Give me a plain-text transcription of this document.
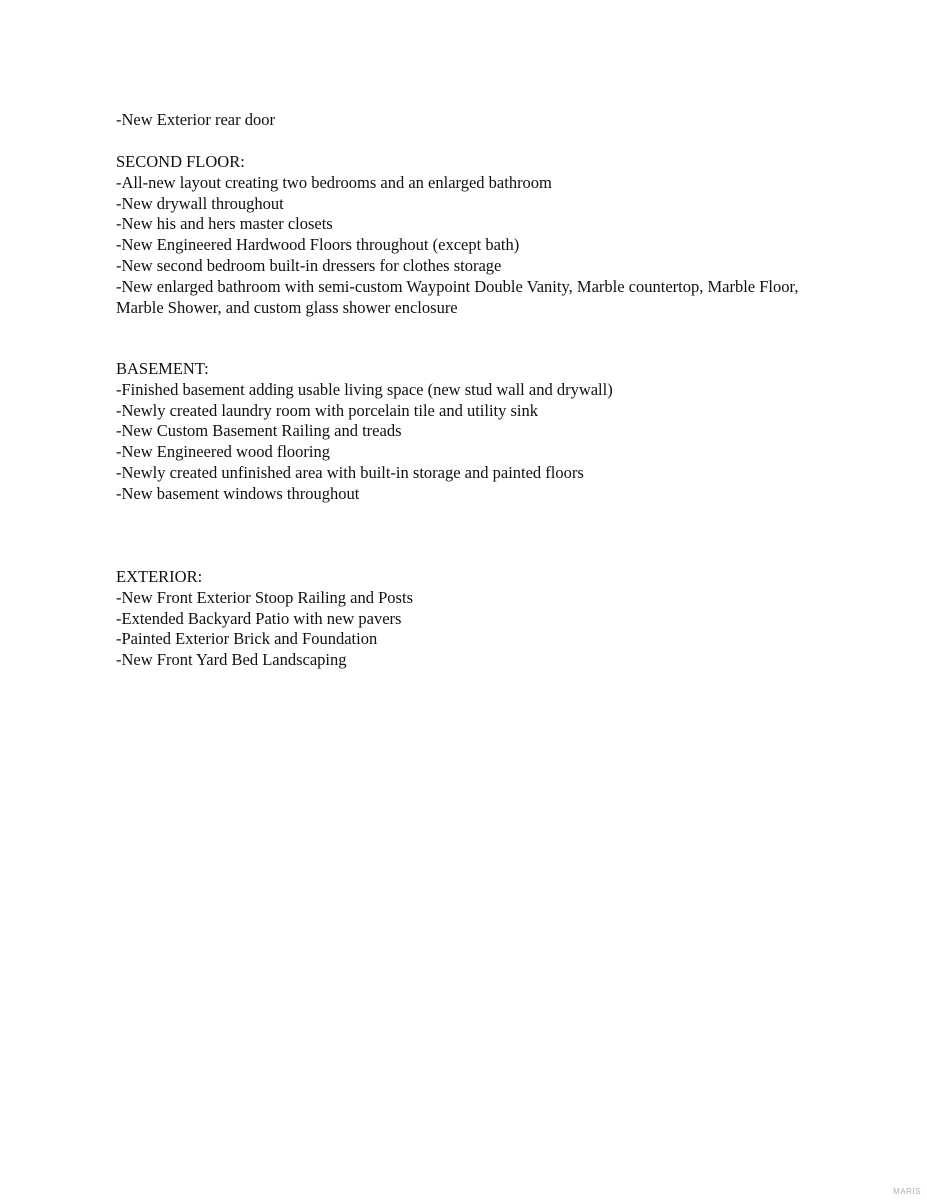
-New Exterior rear door
SECOND FLOOR:
-All-new layout creating two bedrooms and an enlarged bathroom
-New drywall throughout
-New his and hers master closets
-New Engineered Hardwood Floors throughout (except bath)
-New second bedroom built-in dressers for clothes storage
-New enlarged bathroom with semi-custom Waypoint Double Vanity, Marble countertop, Marble Floor, Marble Shower, and custom glass shower enclosure
BASEMENT:
-Finished basement adding usable living space (new stud wall and drywall)
-Newly created laundry room with porcelain tile and utility sink
-New Custom Basement Railing and treads
-New Engineered wood flooring
-Newly created unfinished area with built-in storage and painted floors
-New basement windows throughout
EXTERIOR:
-New Front Exterior Stoop Railing and Posts
-Extended Backyard Patio with new pavers
-Painted Exterior Brick and Foundation
-New Front Yard Bed Landscaping
MARIS
